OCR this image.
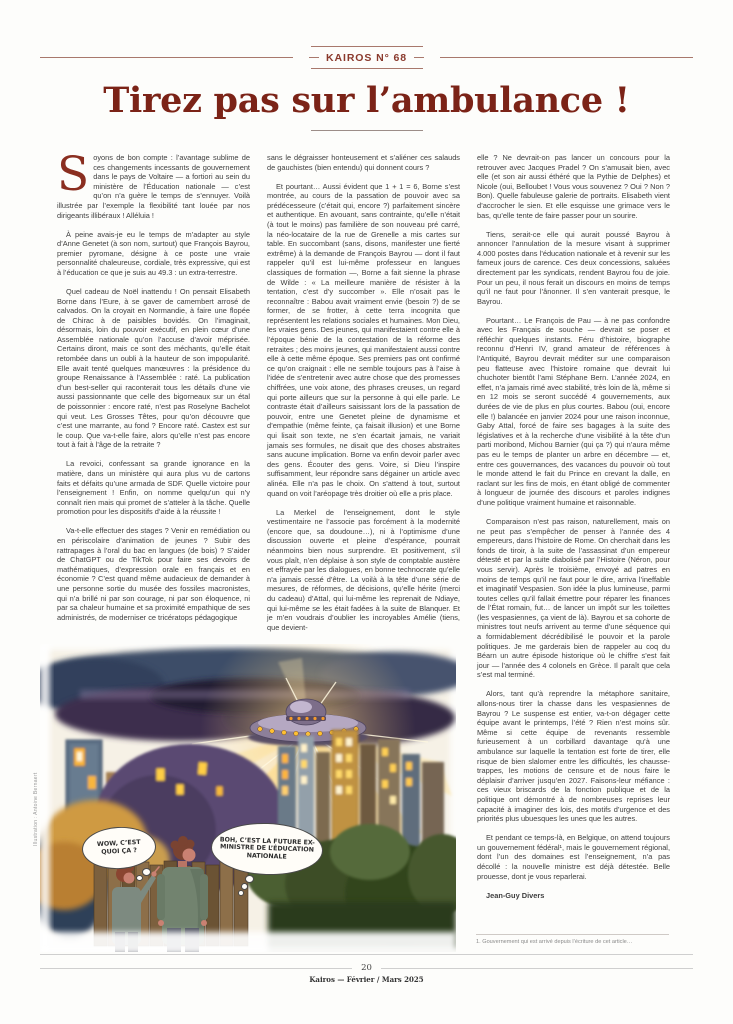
KAIROS N° 68
Tirez pas sur l’ambulance !

Soyons de bon compte : l’avantage sublime de ces changements incessants de gouvernement dans le pays de Voltaire — a fortiori au sein du ministère de l’Éducation nationale — c’est qu’on n’a guère le temps de s’ennuyer. Voilà illustrée par l’exemple la flexibilité tant louée par nos dirigeants illibéraux ! Alléluia !

À peine avais-je eu le temps de m’adapter au style d’Anne Genetet (à son nom, surtout) que François Bayrou, premier pyromane, désigne à ce poste une vraie personnalité chaleureuse, cordiale, très expressive, qui est à l’éducation ce que je suis au 49.3 : un extra-terrestre.

Quel cadeau de Noël inattendu ! On pensait Elisabeth Borne dans l’Eure, à se gaver de camembert arrosé de calvados. On la croyait en Normandie, à faire une flopée de Chirac à de paisibles bovidés. On l’imaginait, désormais, loin du pouvoir exécutif, en plein cœur d’une Assemblée nationale qu’on l’accuse d’avoir méprisée. Certains diront, mais ce sont des méchants, qu’elle était retombée dans un oubli à la hauteur de son impopularité. Elle avait tenté quelques manœuvres : la présidence du groupe Renaissance à l’Assemblée : raté. La publication d’un best-seller qui raconterait tous les détails d’une vie aussi passionnante que celle des bigorneaux sur un étal de poissonnier : encore raté, n’est pas Roselyne Bachelot qui veut. Les Grosses Têtes, pour qu’on découvre que c’est une marrante, au fond ? Encore raté. Castex est sur le coup. Que va-t-elle faire, alors qu’elle n’est pas encore tout à fait à l’âge de la retraite ?

La revoici, confessant sa grande ignorance en la matière, dans un ministère qui aura plus vu de cartons faits et défaits qu’une armada de SDF. Quelle victoire pour l’enseignement ! Enfin, on nomme quelqu’un qui n’y connaît rien mais qui promet de s’atteler à la tâche. Quelle promotion pour les dispositifs d’aide à la réussite !

Va-t-elle effectuer des stages ? Venir en remédiation ou en périscolaire d’animation de jeunes ? Subir des rattrapages à l’oral du bac en langues (de bois) ? S’aider de ChatGPT ou de TikTok pour faire ses devoirs de mathématiques, d’expression orale en français et en économie ? C’est quand même audacieux de demander à une personne sortie du musée des fossiles macronistes, qui n’a brillé ni par son courage, ni par son éloquence, ni par sa chaleur humaine et sa proximité empathique de ses administrés, de moderniser ce tricératops pédagogique

sans le dégraisser honteusement et s’aliéner ces salauds de gauchistes (bien entendu) qui donnent cours ?

Et pourtant… Aussi évident que 1 + 1 = 6, Borne s’est montrée, au cours de la passation de pouvoir avec sa prédécesseure (c’était qui, encore ?) parfaitement sincère et authentique. En avouant, sans contrainte, qu’elle n’était (à tout le moins) pas familière de son nouveau pré carré, la néo-locataire de la rue de Grenelle a mis cartes sur table. En succombant (sans, disons, manifester une fierté extrême) à la demande de François Bayrou — dont il faut rappeler qu’il est lui-même professeur en langues classiques de formation —, Borne a fait sienne la phrase de Wilde : « La meilleure manière de résister à la tentation, c’est d’y succomber ». Elle n’osait pas le reconnaître : Babou avait vraiment envie (besoin ?) de se former, de se frotter, à cette terra incognita que représentent les relations sociales et humaines. Mon Dieu, les vraies gens. Des jeunes, qui manifestaient contre elle à l’époque bénie de la contestation de la réforme des retraites ; des moins jeunes, qui manifestaient aussi contre elle à cette même époque. Ses premiers pas ont confirmé ce qu’on craignait : elle ne semble toujours pas à l’aise à l’idée de s’entretenir avec autre chose que des promesses chiffrées, une voix atone, des phrases creuses, un regard qui porte ailleurs que sur la personne à qui elle parle. Le contraste était d’ailleurs saisissant lors de la passation de pouvoir, entre une Genetet pleine de dynamisme et d’empathie (même feinte, ça faisait illusion) et une Borne qui lisait son texte, ne s’en écartait jamais, ne variait jamais ses formules, ne disait que des choses abstraites sans aucune implication. Borne va enfin devoir parler avec des gens. Écouter des gens. Voire, si Dieu l’inspire suffisamment, leur répondre sans dégainer un article avec alinéa. Elle n’a pas le choix. On s’attend à tout, surtout quand on voit l’aréopage très droitier où elle a pris place.

La Merkel de l’enseignement, dont le style vestimentaire ne l’associe pas forcément à la modernité (encore que, sa doudoune…), ni à l’optimisme d’une discussion ouverte et pleine d’espérance, pourrait néanmoins bien nous surprendre. Et positivement, s’il vous plaît, n’en déplaise à son style de comptable austère et effrayée par les dialogues, en bonne technocrate qu’elle n’a jamais cessé d’être. La voilà à la tête d’une série de mesures, de réformes, de décisions, qu’elle hérite (merci du cadeau) d’Attal, qui lui-même les reprenait de Ndiaye, qui lui-même se les était fadées à la suite de Blanquer. Et je m’en voudrais d’oublier les incroyables Amélie (tiens, que devient-

elle ? Ne devrait-on pas lancer un concours pour la retrouver avec Jacques Pradel ? On s’amusait bien, avec elle (et son air aussi éthéré que la Pythie de Delphes) et Nicole (oui, Belloubet ! Vous vous souvenez ? Oui ? Non ? Bon). Quelle fabuleuse galerie de portraits. Elisabeth vient d’accrocher le sien. Et elle esquisse une grimace vers le bas, qu’elle tente de faire passer pour un sourire.

Tiens, serait-ce elle qui aurait poussé Bayrou à annoncer l’annulation de la mesure visant à supprimer 4.000 postes dans l’éducation nationale et à revenir sur les fameux jours de carence. Ces deux concessions, saluées directement par les syndicats, rendent Bayrou fou de joie. Pour un peu, il nous ferait un discours en moins de temps qu’il ne faut pour l’ânonner. Il s’en vanterait presque, le Bayrou.

Pourtant… Le François de Pau — à ne pas confondre avec les Français de souche — devrait se poser et réfléchir quelques instants. Féru d’histoire, biographe reconnu d’Henri IV, grand amateur de références à l’Antiquité, Bayrou devrait méditer sur une comparaison peu flatteuse avec l’histoire romaine que devrait lui chuchoter bientôt l’ami Stéphane Bern. L’année 2024, en effet, n’a jamais rimé avec stabilité, très loin de là, même si en 12 mois se seront succédé 4 gouvernements, aux durées de vie de plus en plus courtes. Babou (oui, encore elle !) balancée en janvier 2024 pour une raison inconnue, Gaby Attal, forcé de faire ses bagages à la suite des législatives et à la recherche d’une visibilité à la tête d’un parti moribond, Michou Barnier (qui ça ?) qui n’aura même pas eu le temps de planter un arbre en décembre — et, entre ces gouvernances, des vacances du pouvoir où tout le monde attend le fait du Prince en crevant la dalle, en raclant sur les fins de mois, en étant obligé de commenter à longueur de journée des discours et paroles indignes d’une politique vraiment humaine et raisonnable.

Comparaison n’est pas raison, naturellement, mais on ne peut pas s’empêcher de penser à l’année des 4 empereurs, dans l’histoire de Rome. On cherchait dans les fonds de tiroir, à la suite de l’assassinat d’un empereur détesté et par la suite diabolisé par l’Histoire (Néron, pour vous servir). Après le troisième, envoyé ad patres en moins de temps qu’il ne faut pour le dire, arriva l’ineffable et imaginatif Vespasien. Son idée la plus lumineuse, parmi toutes celles qu’il fallait émettre pour réparer les finances de l’État romain, fut… de lancer un impôt sur les toilettes (les vespasiennes, ça vient de là). Bayrou et sa cohorte de ministres tout neufs arrivent au terme d’une séquence qui a formidablement décrédibilisé le pouvoir et la parole politiques. Je me garderais bien de rappeler au coq du Béarn un autre épisode historique où le chiffre s’est fait jour — l’année des 4 colonels en Grèce. Il paraît que cela s’est mal terminé.

Alors, tant qu’à reprendre la métaphore sanitaire, allons-nous tirer la chasse dans les vespasiennes de Bayrou ? Le suspense est entier, va-t-on dégager cette équipe avant le printemps, l’été ? Rien n’est moins sûr. Même si cette équipe de revenants ressemble furieusement à un corbillard davantage qu’à une ambulance sur laquelle la tentation est forte de tirer, elle risque de bien slalomer entre les difficultés, les chausse-trappes, les motions de censure et de nous faire le déplaisir d’arriver jusqu’en 2027. Faisons-leur méfiance : ces vieux briscards de la fonction publique et de la politique ont démontré à de nombreuses reprises leur capacité à imaginer des lois, des motifs d’urgence et des priorités plus ubuesques les unes que les autres.

Et pendant ce temps-là, en Belgique, on attend toujours un gouvernement fédéral¹, mais le gouvernement régional, dont l’un des domaines est l’enseignement, n’a pas décollé : la nouvelle ministre est déjà détestée. Belle prouesse, dont je vous reparlerai.

Jean-Guy Divers
WOW, C’EST QUOI ÇA ?
BOH, C’EST LA FUTURE EX-MINISTRE DE L’ÉDUCATION NATIONALE
Illustration : Antoine Bernaert
1. Gouvernement qui est arrivé depuis l’écriture de cet article…
20
Kairos — Février / Mars 2025
